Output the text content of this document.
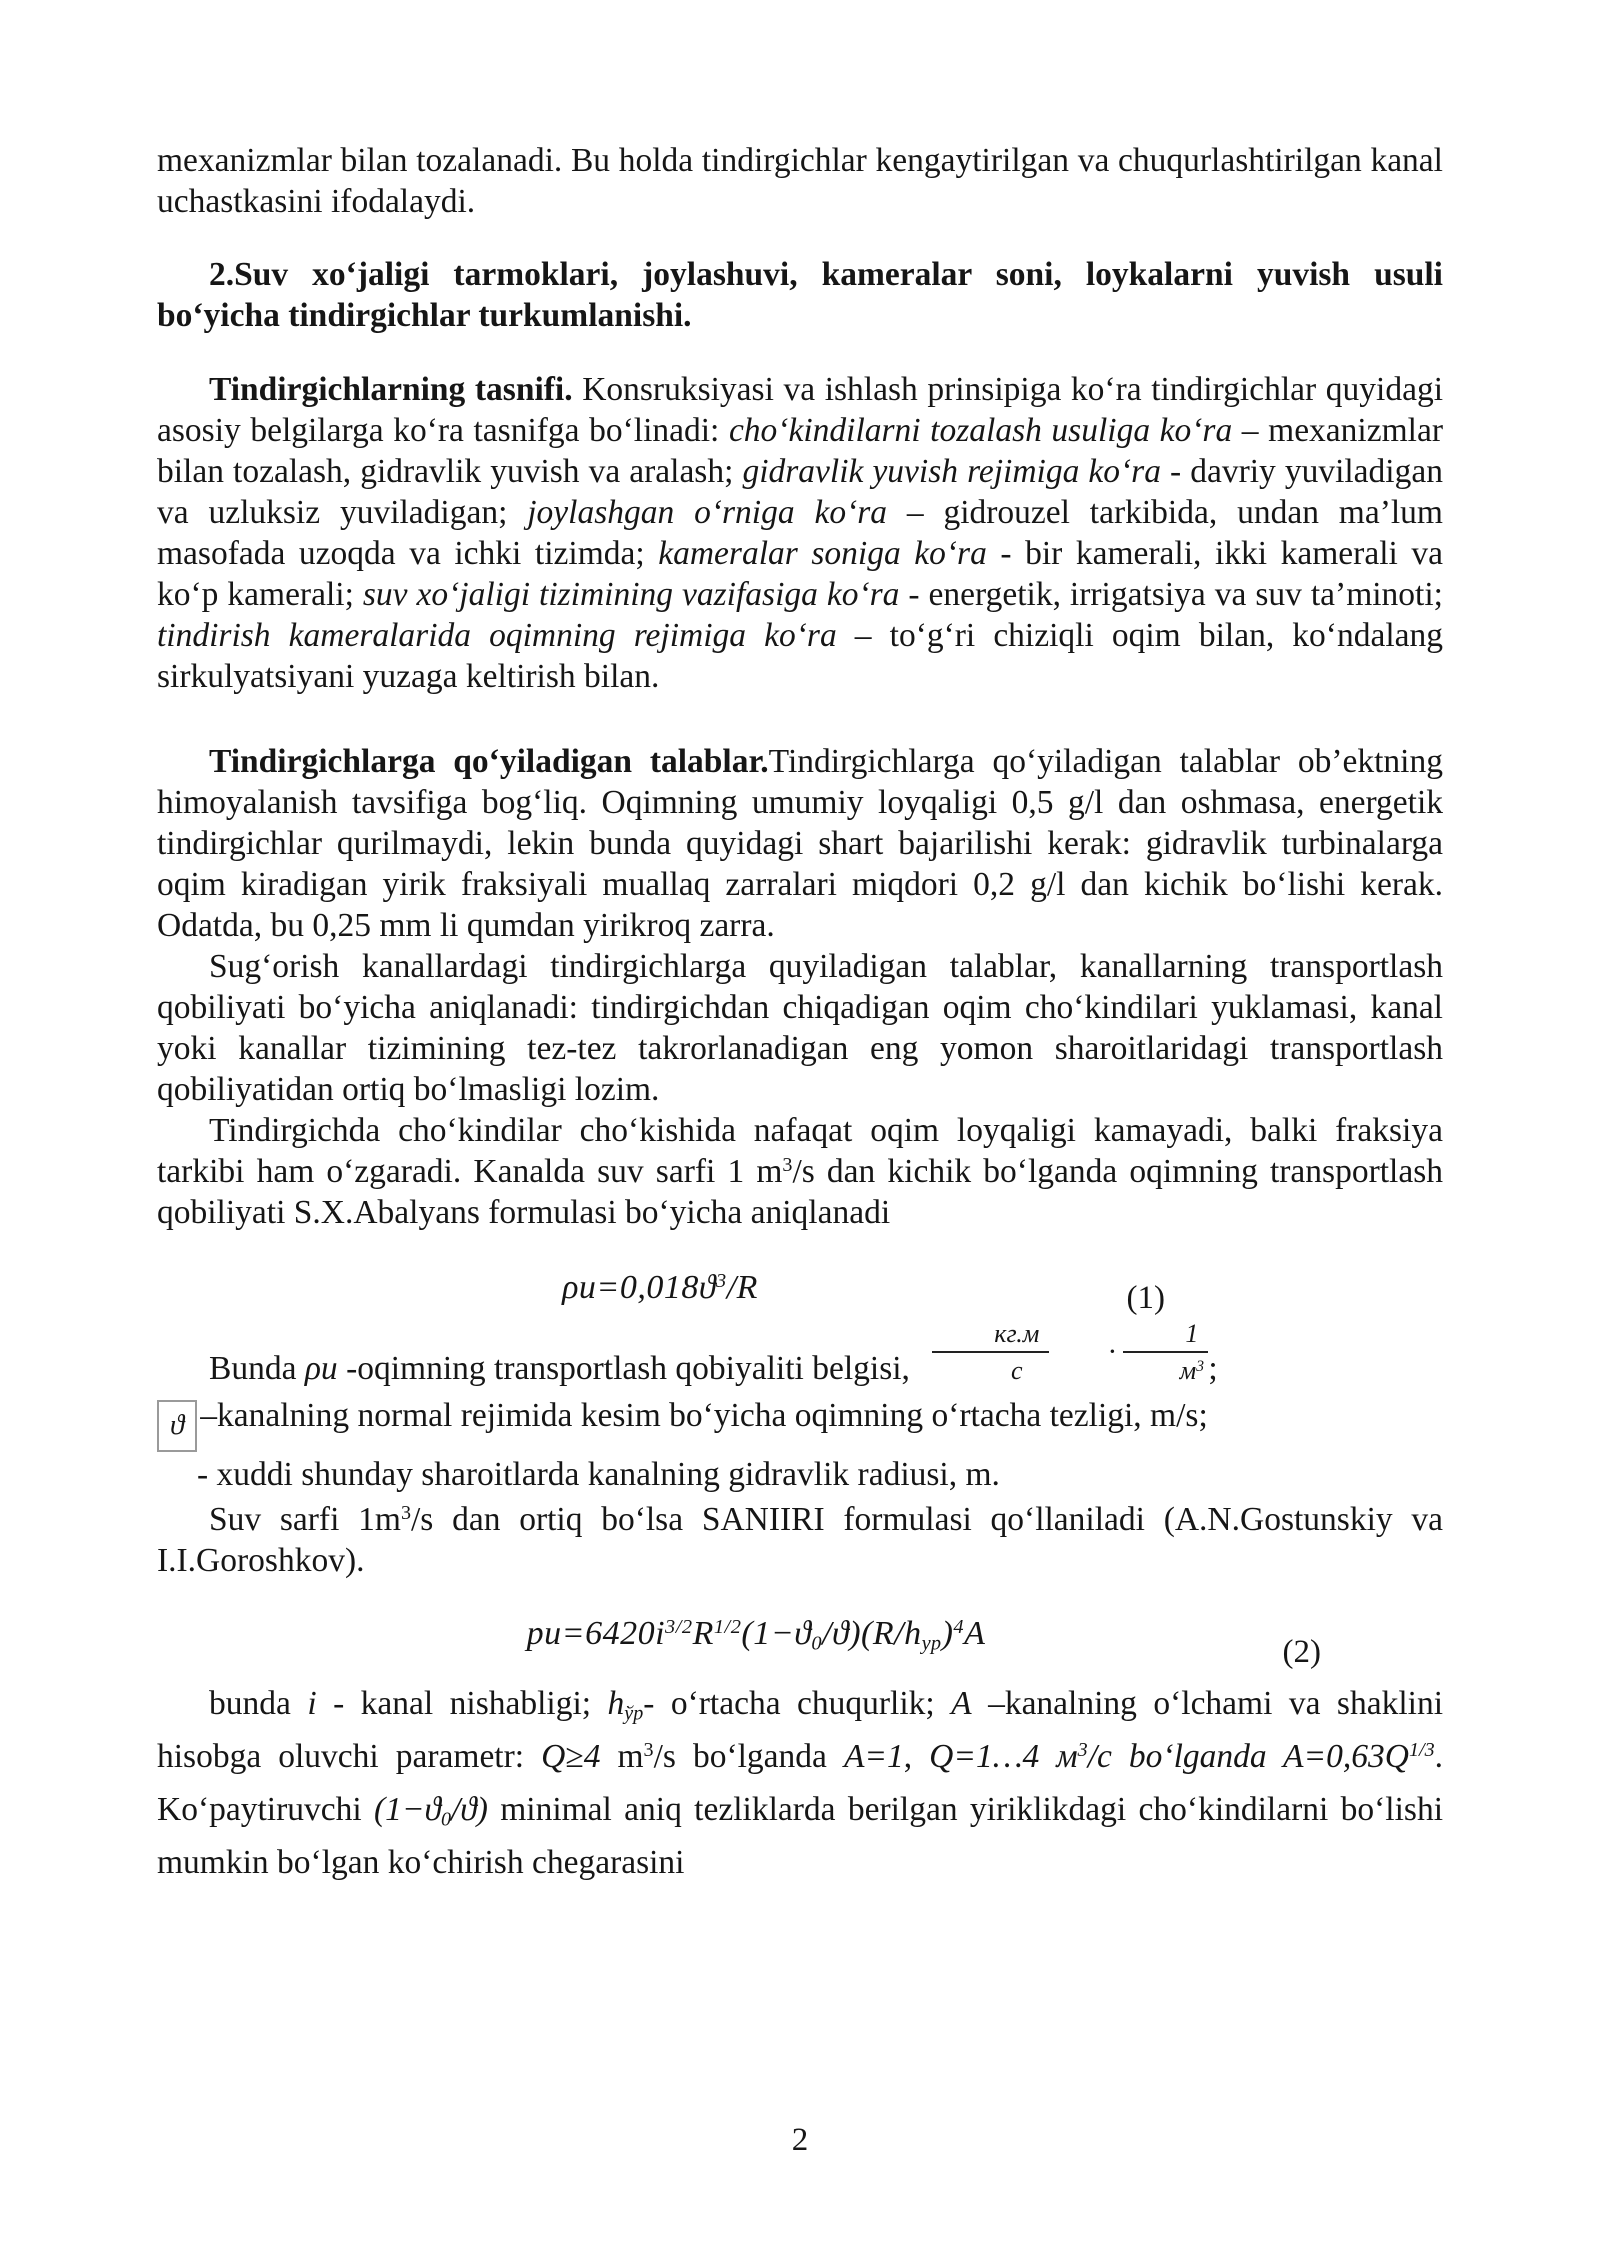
mexanizmlar bilan tozalanadi. Bu holda tindirgichlar kengaytirilgan va chuqurlashtirilgan kanal uchastkasini ifodalaydi.

2.Suv xo‘jaligi tarmoklari, joylashuvi, kameralar soni, loykalarni yuvish usuli bo‘yicha tindirgichlar turkumlanishi.

Tindirgichlarning tasnifi. Konsruksiyasi va ishlash prinsipiga ko‘ra tindirgichlar quyidagi asosiy belgilarga ko‘ra tasnifga bo‘linadi: cho‘kindilarni tozalash usuliga ko‘ra – mexanizmlar bilan tozalash, gidravlik yuvish va aralash; gidravlik yuvish rejimiga ko‘ra - davriy yuviladigan va uzluksiz yuviladigan; joylashgan o‘rniga ko‘ra – gidrouzel tarkibida, undan ma’lum masofada uzoqda va ichki tizimda; kameralar soniga ko‘ra - bir kamerali, ikki kamerali va ko‘p kamerali; suv xo‘jaligi tizimining vazifasiga ko‘ra - energetik, irrigatsiya va suv ta’minoti; tindirish kameralarida oqimning rejimiga ko‘ra – to‘g‘ri chiziqli oqim bilan, ko‘ndalang sirkulyatsiyani yuzaga keltirish bilan.

Tindirgichlarga qo‘yiladigan talablar.Tindirgichlarga qo‘yiladigan talablar ob’ektning himoyalanish tavsifiga bog‘liq. Oqimning umumiy loyqaligi 0,5 g/l dan oshmasa, energetik tindirgichlar qurilmaydi, lekin bunda quyidagi shart bajarilishi kerak: gidravlik turbinalarga oqim kiradigan yirik fraksiyali muallaq zarralari miqdori 0,2 g/l dan kichik bo‘lishi kerak. Odatda, bu 0,25 mm li qumdan yirikroq zarra.

Sug‘orish kanallardagi tindirgichlarga quyiladigan talablar, kanallarning transportlash qobiliyati bo‘yicha aniqlanadi: tindirgichdan chiqadigan oqim cho‘kindilari yuklamasi, kanal yoki kanallar tizimining tez-tez takrorlanadigan eng yomon sharoitlaridagi transportlash qobiliyatidan ortiq bo‘lmasligi lozim.

Tindirgichda cho‘kindilar cho‘kishida nafaqat oqim loyqaligi kamayadi, balki fraksiya tarkibi ham o‘zgaradi. Kanalda suv sarfi 1 $m^3/s$ dan kichik bo‘lganda oqimning transportlash qobiliyati S.X.Abalyans formulasi bo‘yicha aniqlanadi

$\rho u=0,018ϑ^3/R$	(1)

Bunda ρu -oqimning transportlash qobiyaliti belgisi, $\frac{кг.м}{с} \cdot \frac{1}{м^3}$ ;

ϑ –kanalning normal rejimida kesim bo‘yicha oqimning o‘rtacha tezligi, m/s;

- xuddi shunday sharoitlarda kanalning gidravlik radiusi, m.

Suv sarfi $1m^3/s$ dan ortiq bo‘lsa SANIIRI formulasi qo‘llaniladi (A.N.Gostunskiy va I.I.Goroshkov).

$pu=6420i^{3/2}R^{1/2}(1-ϑ_0/ϑ)(R/h_{ур})^4A$	(2)

bunda i - kanal nishabligi; $h_{ўр}-$ o‘rtacha chuqurlik; A –kanalning o‘lchami va shaklini hisobga oluvchi parametr: Q≥4 $m^3/s$ bo‘lganda A=1, Q=1…4 $м^3/c$ bo‘lganda $A=0,63Q^{1/3}$. Ko‘paytiruvchi $(1-ϑ_0/ϑ)$ minimal aniq tezliklarda berilgan yiriklikdagi cho‘kindilarni bo‘lishi mumkin bo‘lgan ko‘chirish chegarasini

2
